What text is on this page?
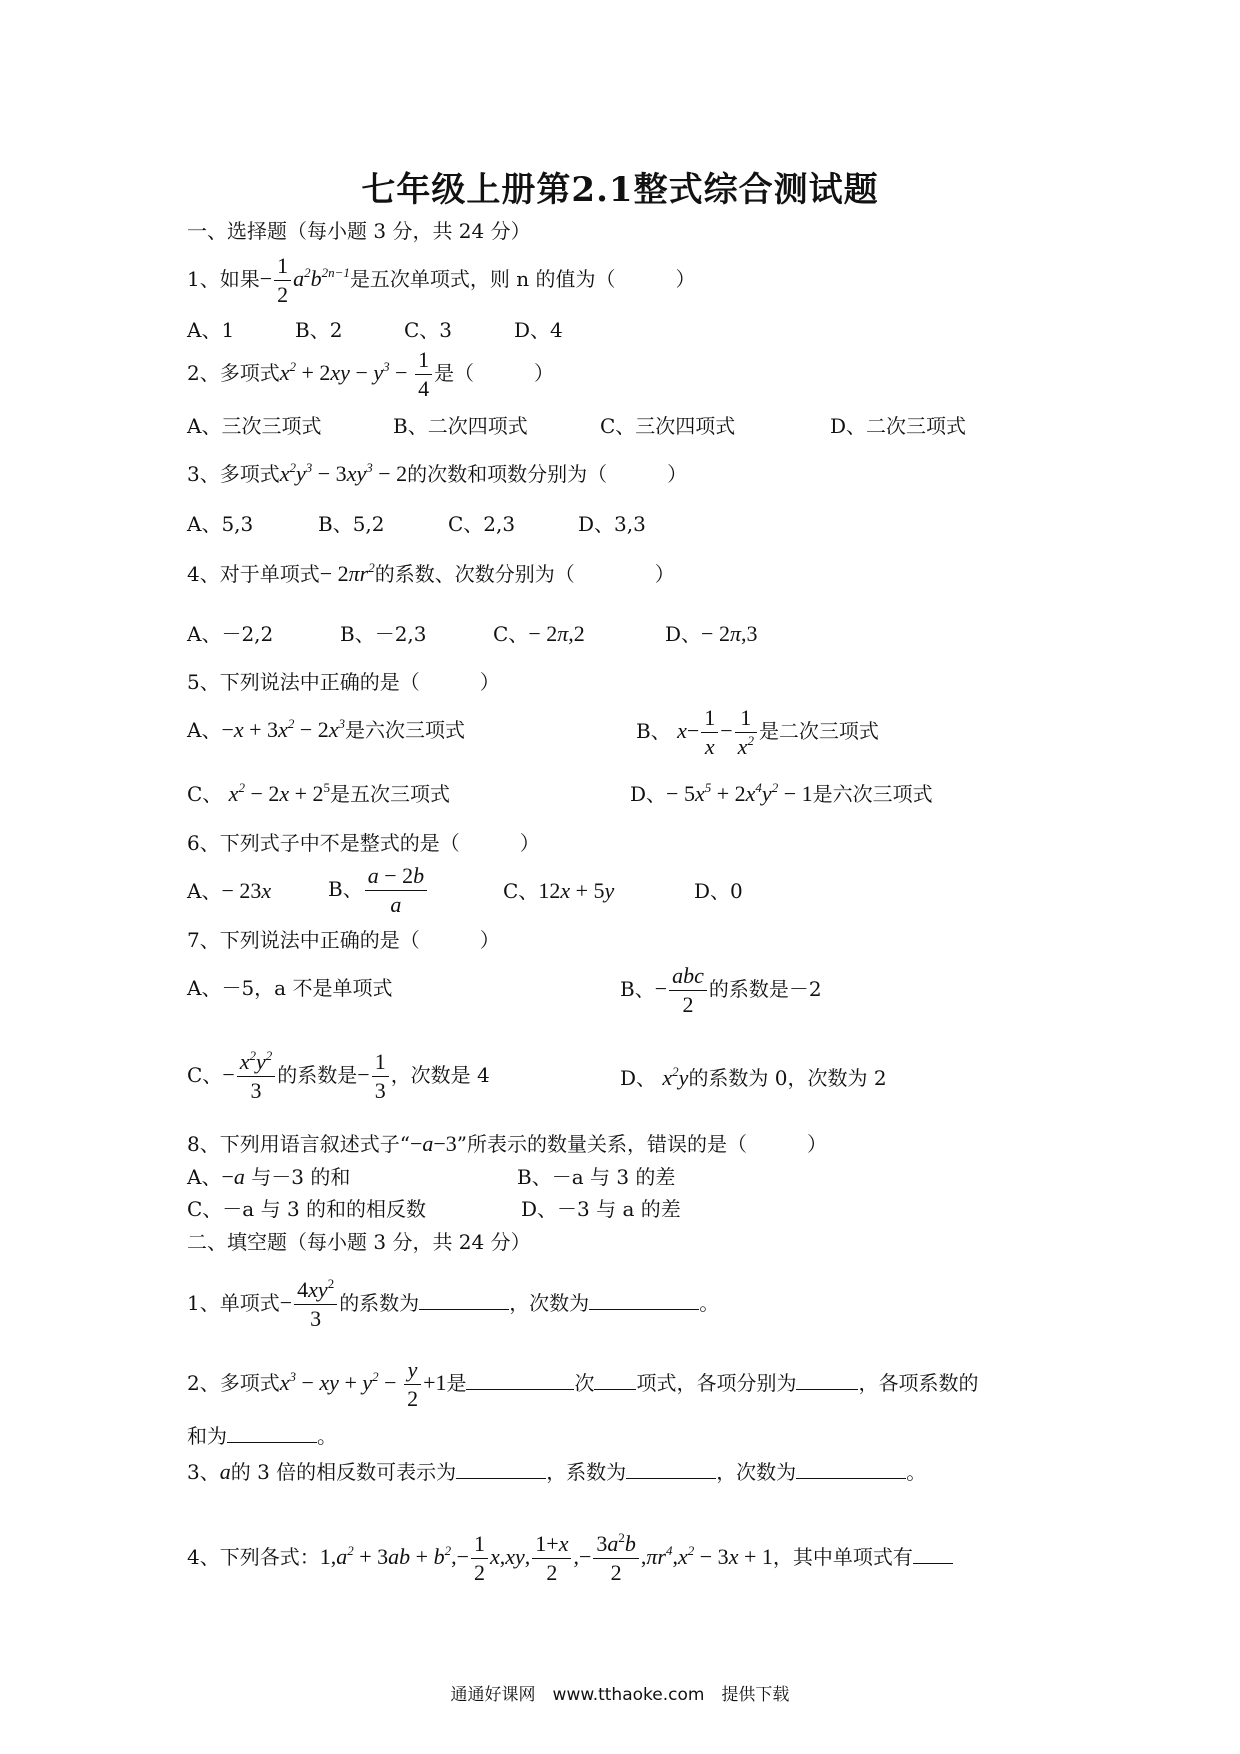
七年级上册第2.1整式综合测试题
一、选择题（每小题 3 分，共 24 分）
1、如果− $\frac{1}{2} a^2b^{2n-1}$是五次单项式，则 n 的值为（　　　）
A、1	B、2	C、3	D、4
2、多项式$x^2 + 2xy - y^3 - \frac{1}{4}$ 是（　　　）
A、三次三项式	B、二次四项式	C、三次四项式	D、二次三项式
3、多项式$x^2y^3 - 3xy^3 - 2$的次数和项数分别为（　　　）
A、5,3	B、5,2	C、2,3	D、3,3
4、对于单项式− $2\pi r^2$的系数、次数分别为（　　　　）
A、－2,2	B、－2,3	C、− 2π,2	D、− 2π,3
5、下列说法中正确的是（　　　）
A、$-x + 3x^2 - 2x^3$是六次三项式	B、 $x- \frac{1}{x} - \frac{1}{x^2}$ 是二次三项式
C、 $x^2 - 2x + 2^5$是五次三项式	D、− $5x^5 + 2x^4y^2 - 1$是六次三项式
6、下列式子中不是整式的是（　　　）
A、− 23x	B、 $\frac{a - 2b}{a}$	C、12x + 5y	D、0
7、下列说法中正确的是（　　　）
A、－5，a 不是单项式	B、− $\frac{\text{abc}}{2}$ 的系数是－2
C、− $\frac{x^2y^2}{3}$ 的系数是− $\frac{1}{3}$ ，次数是 4	D、 $x^2y$的系数为 0，次数为 2
8、下列用语言叙述式子“−a−3”所表示的数量关系，错误的是（　　　）
A、−a 与－3 的和	B、－a 与 3 的差
C、－a 与 3 的和的相反数	D、－3 与 a 的差
二、填空题（每小题 3 分，共 24 分）
1、单项式− $\frac{4xy^2}{3}$ 的系数为	，次数为	。
2、多项式$x^3$ − xy + $y^2 - \frac{y}{2} +1$是	次 项式，各项分别为	，各项系数的
和为	。
3、a的 3 倍的相反数可表示为	，系数为	，次数为	。
4、下列各式：$1,a^2 + 3ab + b^2,- \frac{1}{2} x,xy$, $\frac{1+x}{2}$ ,− $\frac{3a^2b}{2} ,\pi r^4,x^2 - 3x + 1$，其中单项式有
通通好课网　www.tthaoke.com　提供下载
